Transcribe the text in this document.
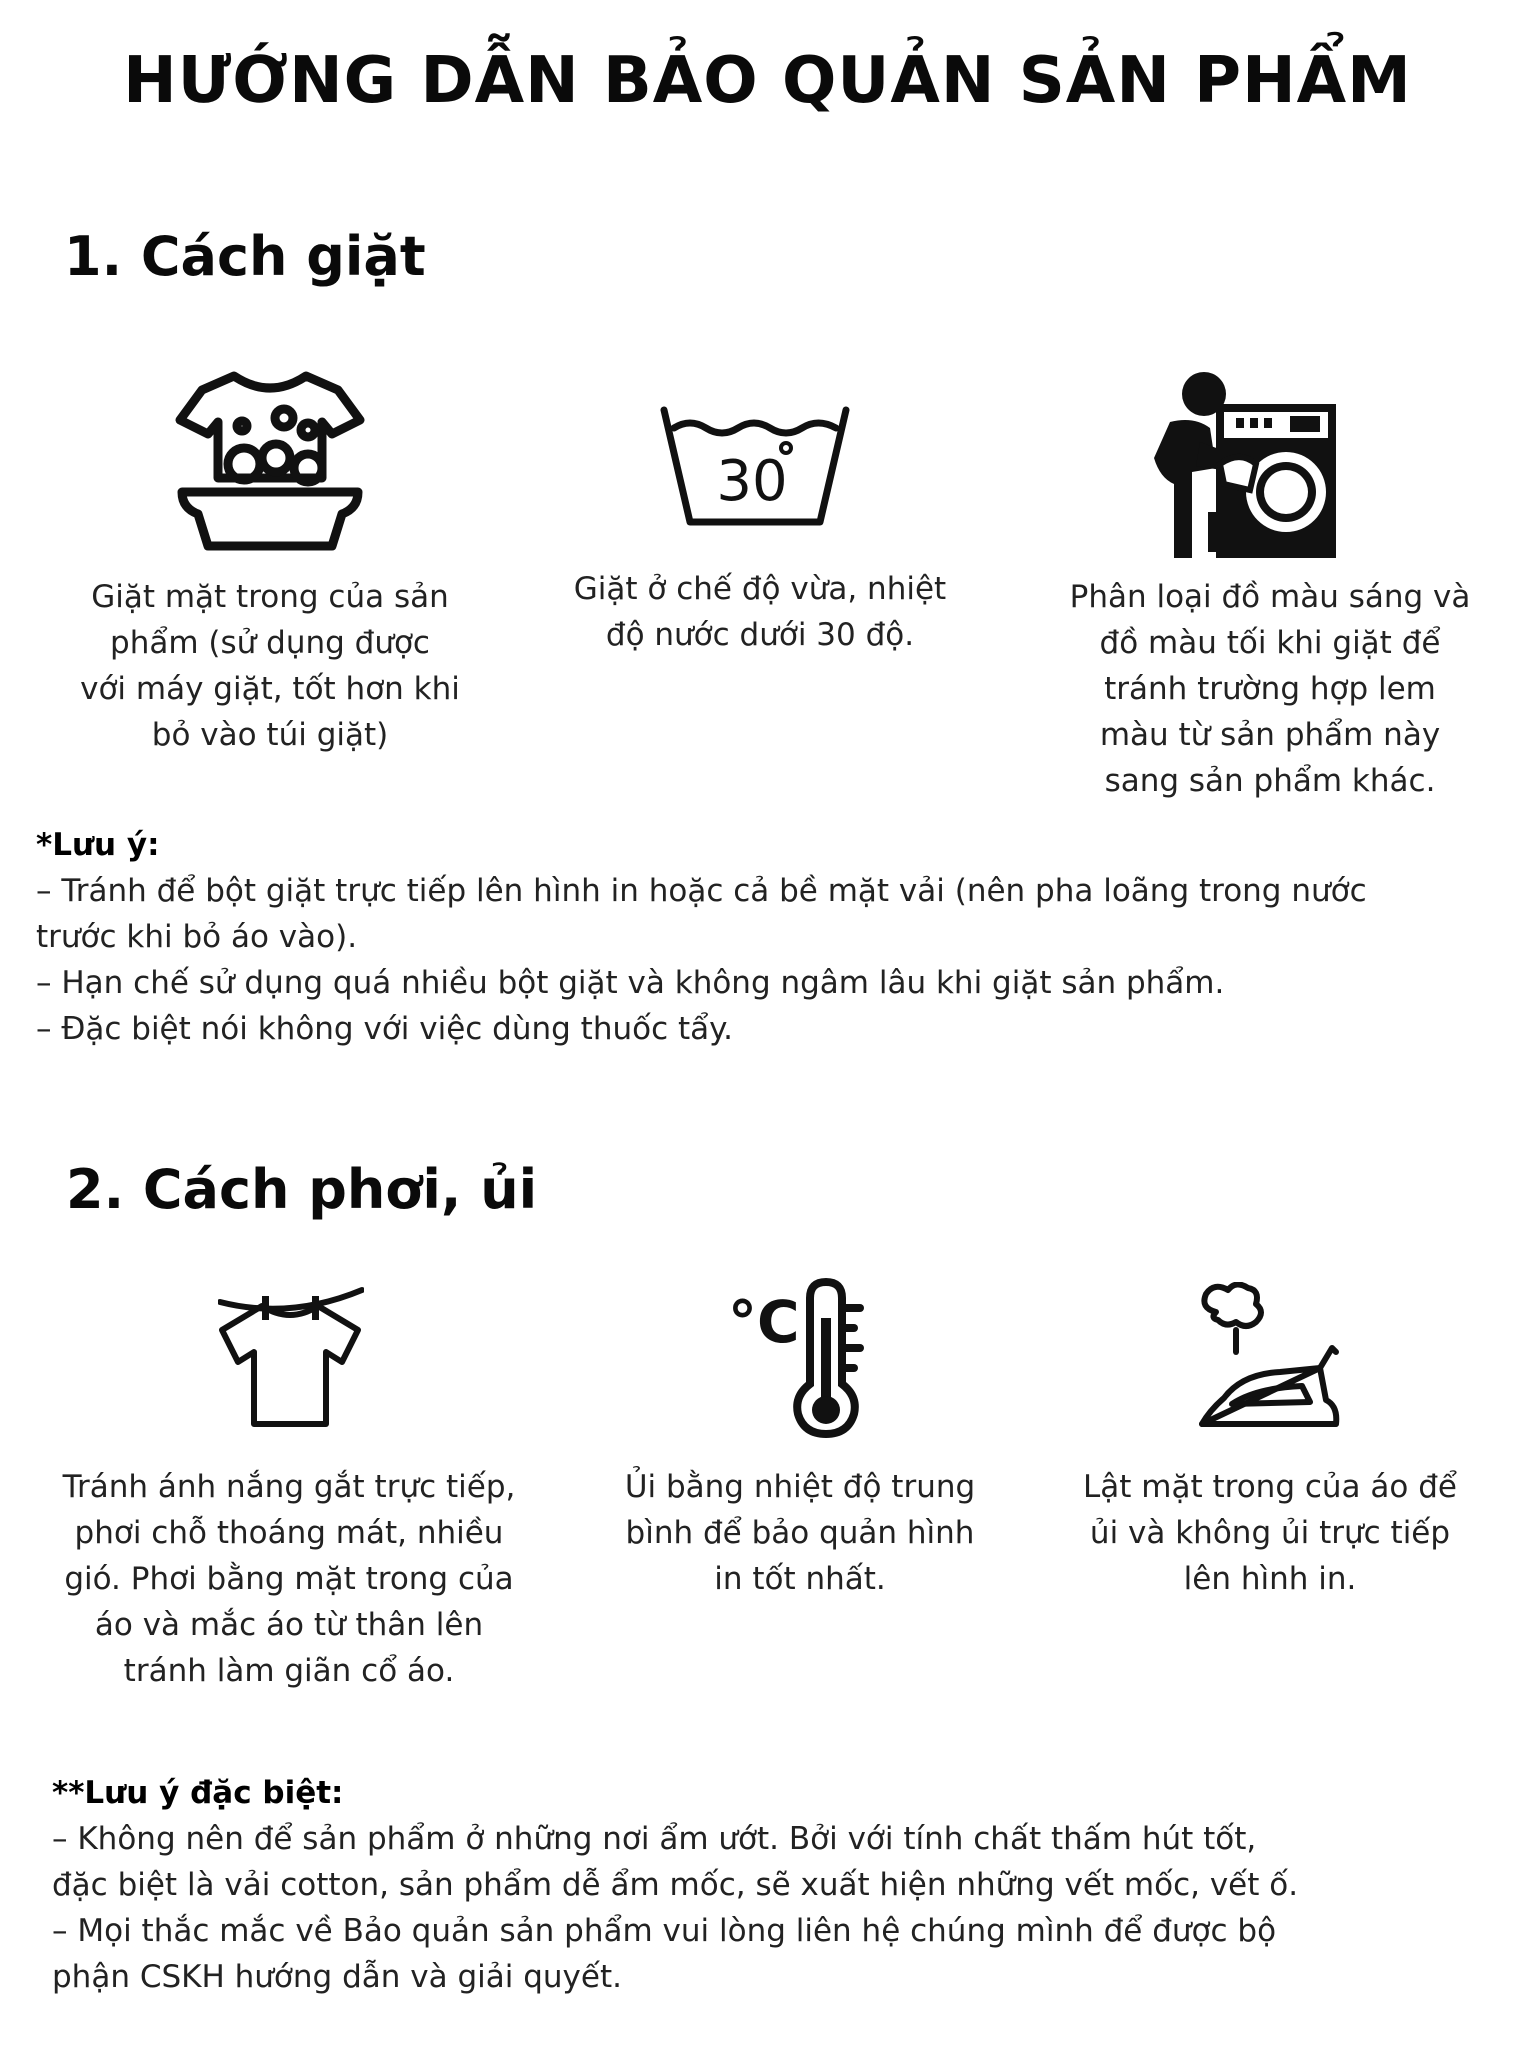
HƯỚNG DẪN BẢO QUẢN SẢN PHẨM
1. Cách giặt
Giặt mặt trong của sản
phẩm (sử dụng được
với máy giặt, tốt hơn khi
bỏ vào túi giặt)
30
Giặt ở chế độ vừa, nhiệt
độ nước dưới 30 độ.
Phân loại đồ màu sáng và
đồ màu tối khi giặt để
tránh trường hợp lem
màu từ sản phẩm này
sang sản phẩm khác.
*Lưu ý:
– Tránh để bột giặt trực tiếp lên hình in hoặc cả bề mặt vải (nên pha loãng trong nước
trước khi bỏ áo vào).
– Hạn chế sử dụng quá nhiều bột giặt và không ngâm lâu khi giặt sản phẩm.
– Đặc biệt nói không với việc dùng thuốc tẩy.
2. Cách phơi, ủi
Tránh ánh nắng gắt trực tiếp,
phơi chỗ thoáng mát, nhiều
gió. Phơi bằng mặt trong của
áo và mắc áo từ thân lên
tránh làm giãn cổ áo.
°C
Ủi bằng nhiệt độ trung
bình để bảo quản hình
in tốt nhất.
Lật mặt trong của áo để
ủi và không ủi trực tiếp
lên hình in.
**Lưu ý đặc biệt:
– Không nên để sản phẩm ở những nơi ẩm ướt. Bởi với tính chất thấm hút tốt,
đặc biệt là vải cotton, sản phẩm dễ ẩm mốc, sẽ xuất hiện những vết mốc, vết ố.
– Mọi thắc mắc về Bảo quản sản phẩm vui lòng liên hệ chúng mình để được bộ
phận CSKH hướng dẫn và giải quyết.
